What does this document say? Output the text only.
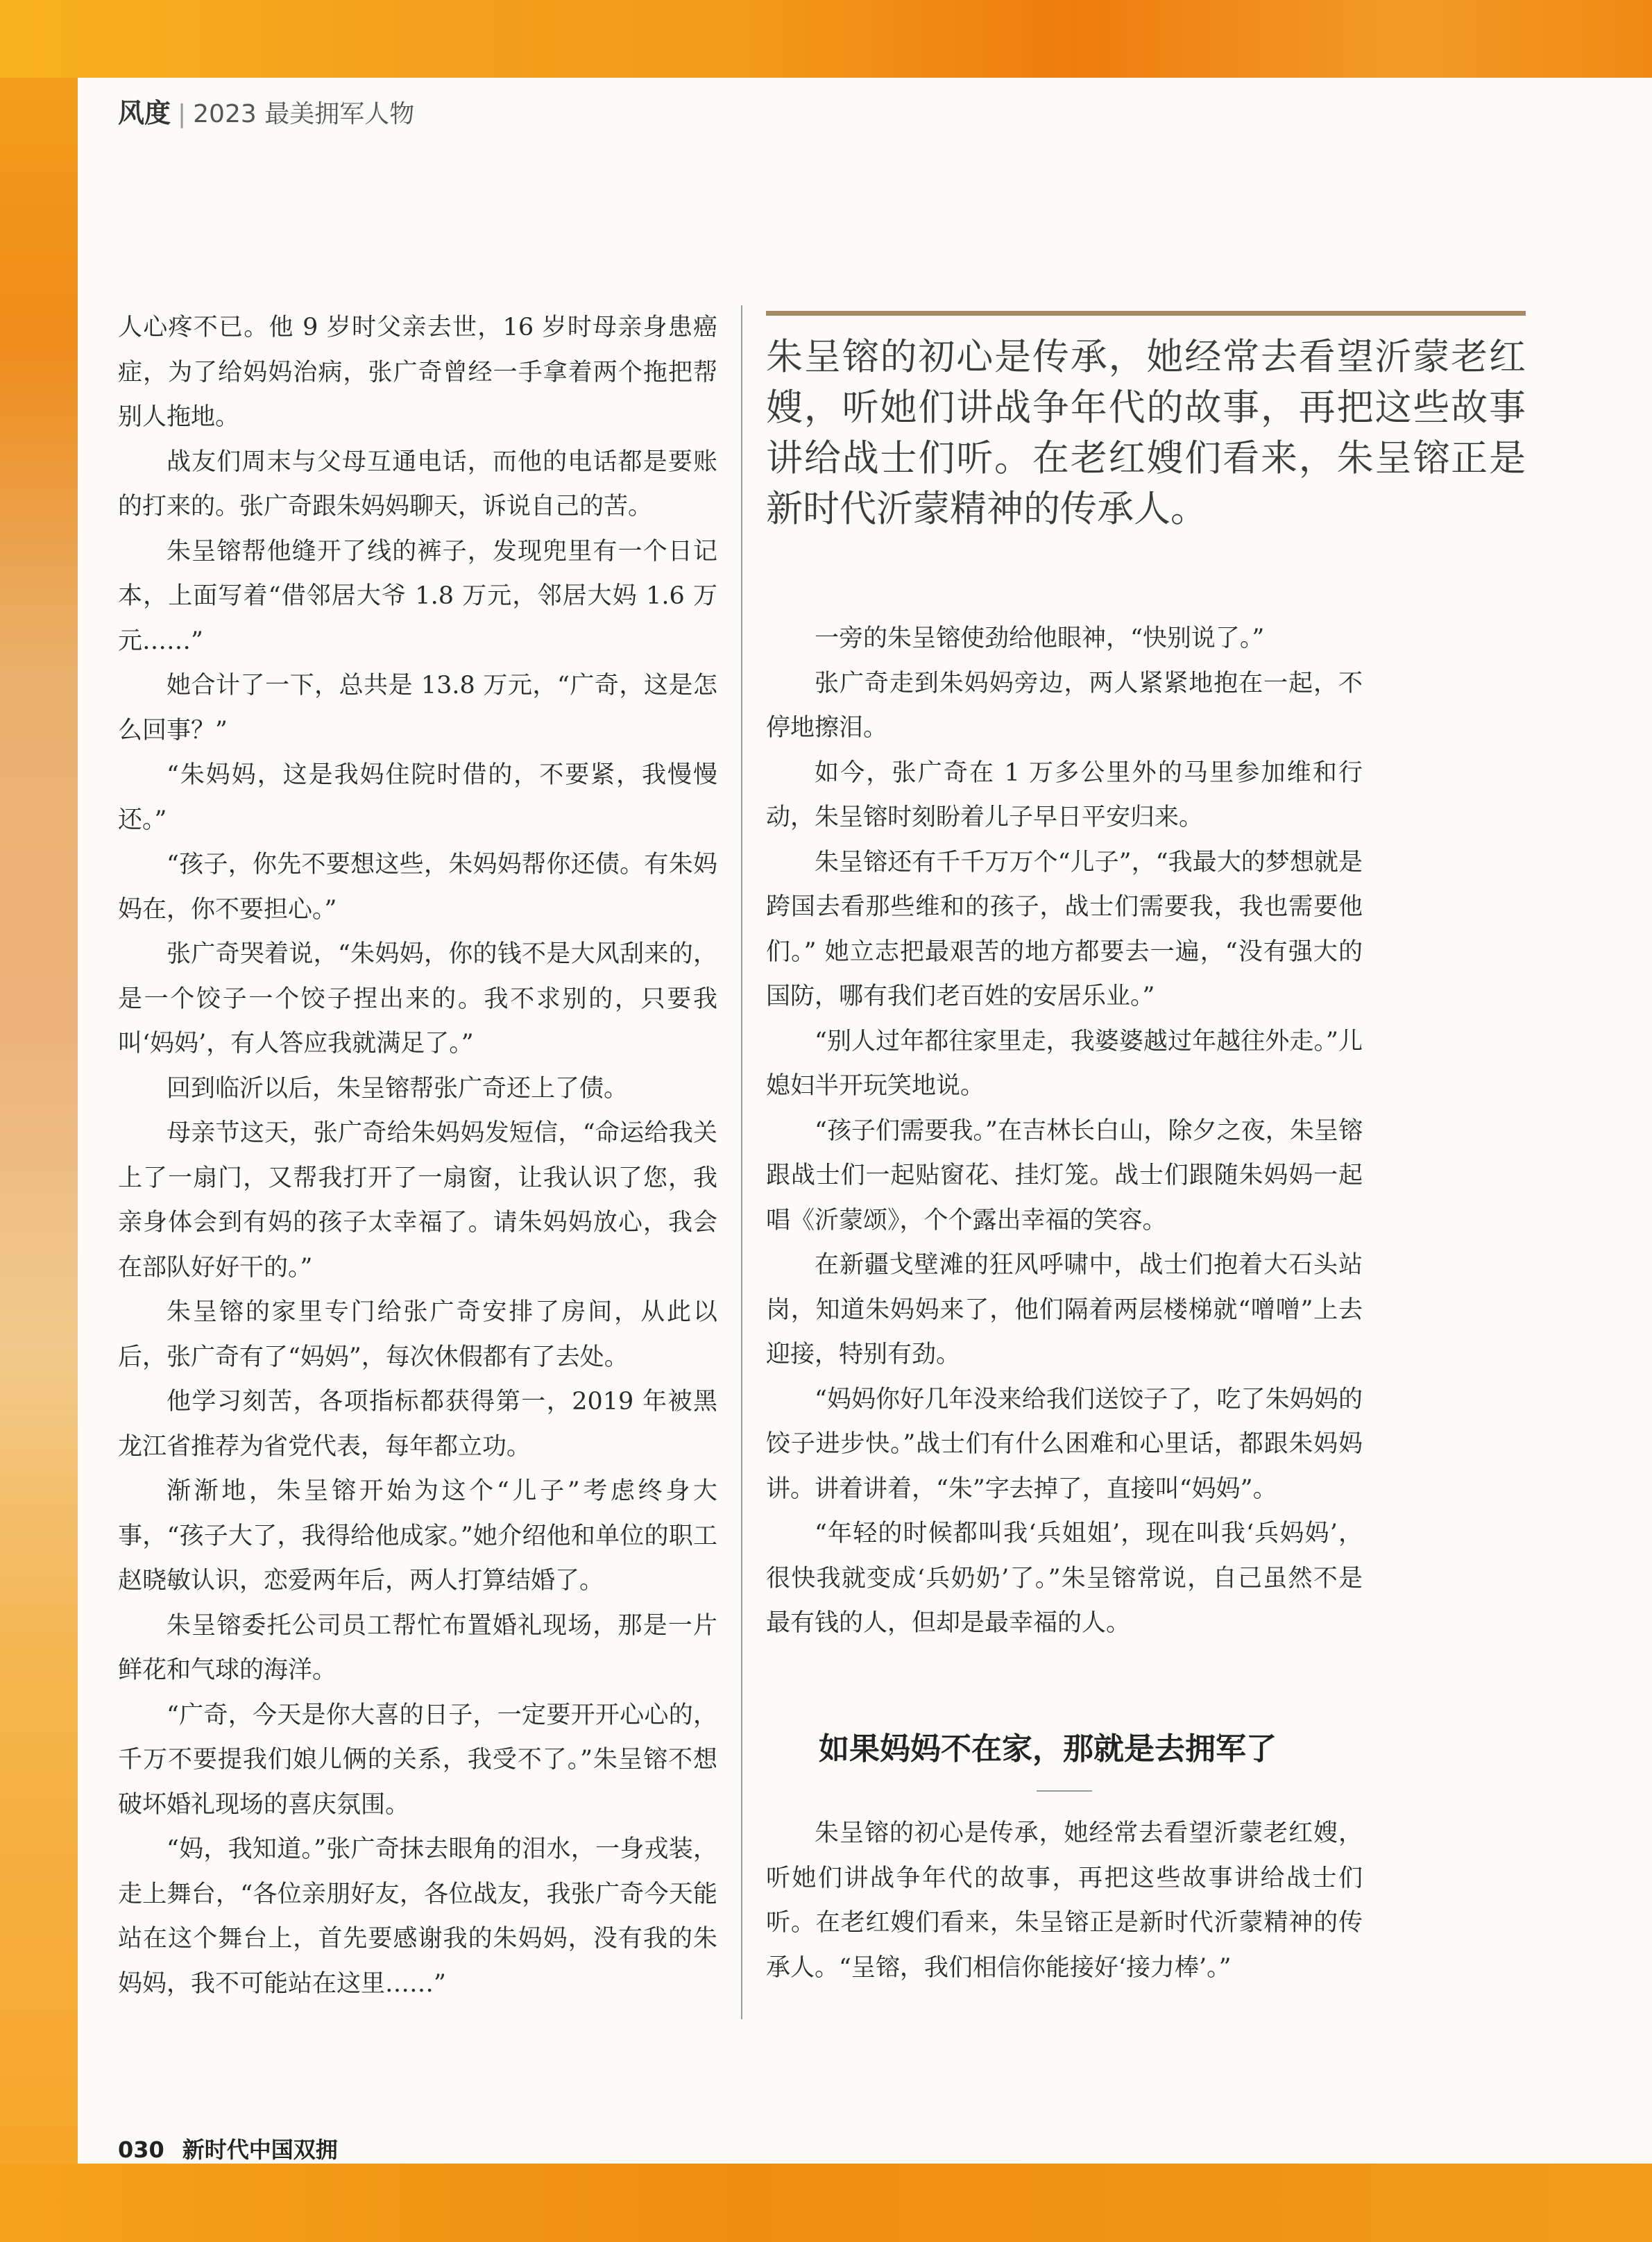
风度 | 2023 最美拥军人物

人心疼不已。他 9 岁时父亲去世，16 岁时母亲身患癌症，为了给妈妈治病，张广奇曾经一手拿着两个拖把帮别人拖地。

战友们周末与父母互通电话，而他的电话都是要账的打来的。张广奇跟朱妈妈聊天，诉说自己的苦。

朱呈镕帮他缝开了线的裤子，发现兜里有一个日记本，上面写着“借邻居大爷 1.8 万元，邻居大妈 1.6 万元……”

她合计了一下，总共是 13.8 万元，“广奇，这是怎么回事？”

“朱妈妈，这是我妈住院时借的，不要紧，我慢慢还。”

“孩子，你先不要想这些，朱妈妈帮你还债。有朱妈妈在，你不要担心。”

张广奇哭着说，“朱妈妈，你的钱不是大风刮来的，是一个饺子一个饺子捏出来的。我不求别的，只要我叫‘妈妈’，有人答应我就满足了。”

回到临沂以后，朱呈镕帮张广奇还上了债。

母亲节这天，张广奇给朱妈妈发短信，“命运给我关上了一扇门，又帮我打开了一扇窗，让我认识了您，我亲身体会到有妈的孩子太幸福了。请朱妈妈放心，我会在部队好好干的。”

朱呈镕的家里专门给张广奇安排了房间，从此以后，张广奇有了“妈妈”，每次休假都有了去处。

他学习刻苦，各项指标都获得第一，2019 年被黑龙江省推荐为省党代表，每年都立功。

渐渐地，朱呈镕开始为这个“儿子”考虑终身大事，“孩子大了，我得给他成家。”她介绍他和单位的职工赵晓敏认识，恋爱两年后，两人打算结婚了。

朱呈镕委托公司员工帮忙布置婚礼现场，那是一片鲜花和气球的海洋。

“广奇，今天是你大喜的日子，一定要开开心心的，千万不要提我们娘儿俩的关系，我受不了。”朱呈镕不想破坏婚礼现场的喜庆氛围。

“妈，我知道。”张广奇抹去眼角的泪水，一身戎装，走上舞台，“各位亲朋好友，各位战友，我张广奇今天能站在这个舞台上，首先要感谢我的朱妈妈，没有我的朱妈妈，我不可能站在这里……”

朱呈镕的初心是传承，她经常去看望沂蒙老红嫂，听她们讲战争年代的故事，再把这些故事讲给战士们听。在老红嫂们看来，朱呈镕正是新时代沂蒙精神的传承人。

一旁的朱呈镕使劲给他眼神，“快别说了。”

张广奇走到朱妈妈旁边，两人紧紧地抱在一起，不停地擦泪。

如今，张广奇在 1 万多公里外的马里参加维和行动，朱呈镕时刻盼着儿子早日平安归来。

朱呈镕还有千千万万个“儿子”，“我最大的梦想就是跨国去看那些维和的孩子，战士们需要我，我也需要他们。” 她立志把最艰苦的地方都要去一遍，“没有强大的国防，哪有我们老百姓的安居乐业。”

“别人过年都往家里走，我婆婆越过年越往外走。”儿媳妇半开玩笑地说。

“孩子们需要我。”在吉林长白山，除夕之夜，朱呈镕跟战士们一起贴窗花、挂灯笼。战士们跟随朱妈妈一起唱《沂蒙颂》，个个露出幸福的笑容。

在新疆戈壁滩的狂风呼啸中，战士们抱着大石头站岗，知道朱妈妈来了，他们隔着两层楼梯就“噌噌”上去迎接，特别有劲。

“妈妈你好几年没来给我们送饺子了，吃了朱妈妈的饺子进步快。”战士们有什么困难和心里话，都跟朱妈妈讲。讲着讲着，“朱”字去掉了，直接叫“妈妈”。

“年轻的时候都叫我‘兵姐姐’，现在叫我‘兵妈妈’，很快我就变成‘兵奶奶’了。”朱呈镕常说，自己虽然不是最有钱的人，但却是最幸福的人。

如果妈妈不在家，那就是去拥军了

朱呈镕的初心是传承，她经常去看望沂蒙老红嫂，听她们讲战争年代的故事，再把这些故事讲给战士们听。在老红嫂们看来，朱呈镕正是新时代沂蒙精神的传承人。“呈镕，我们相信你能接好‘接力棒’。”

030 新时代中国双拥
